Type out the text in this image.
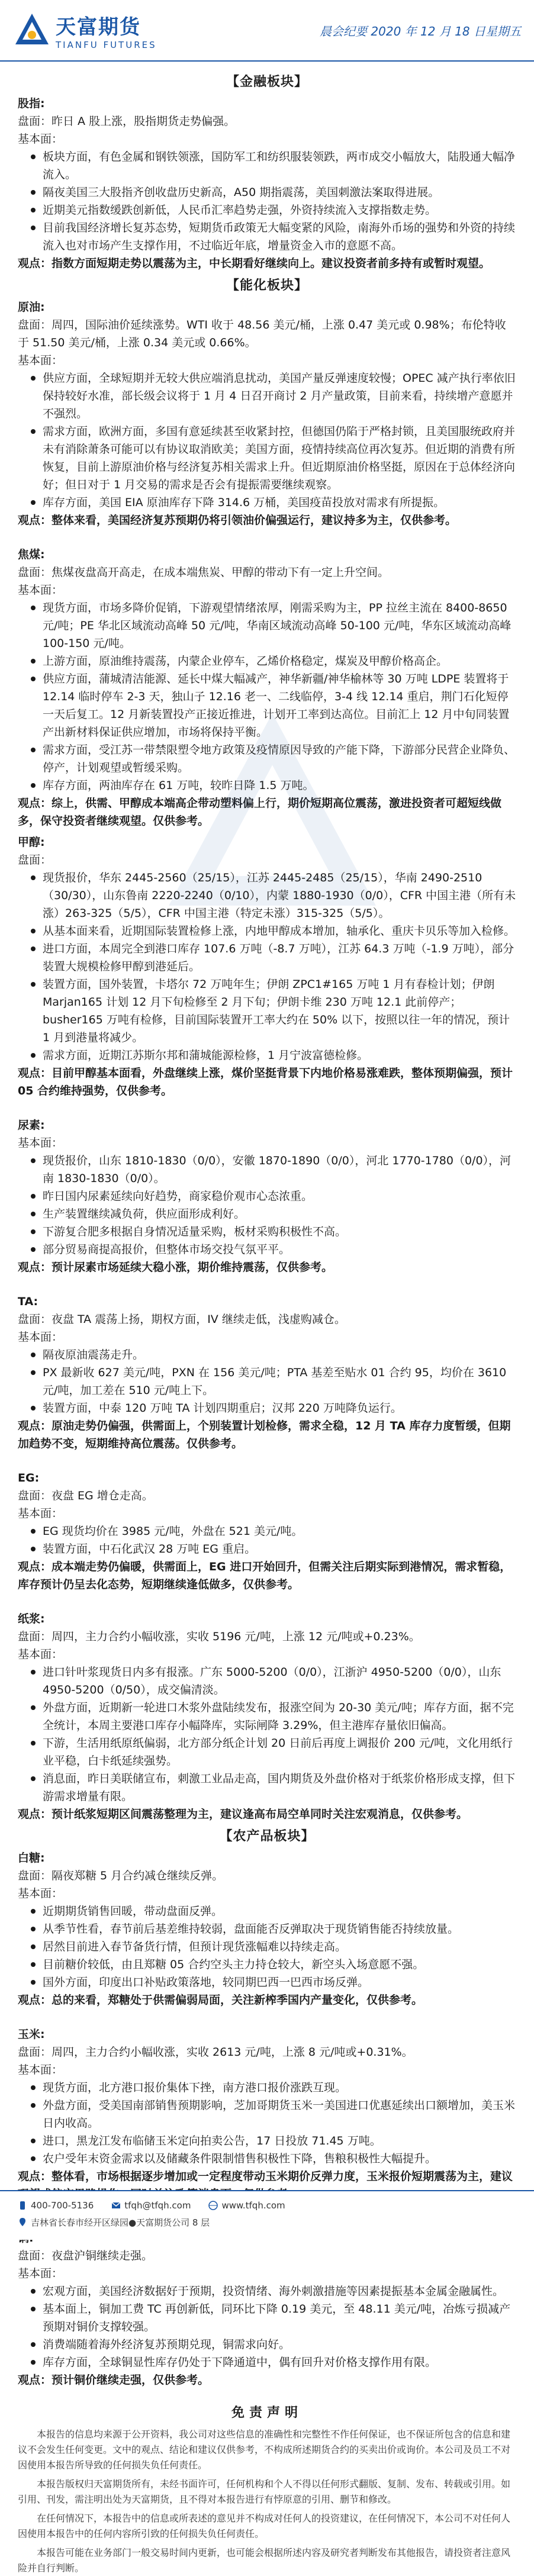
天富期货
TIANFU FUTURES
晨会纪要 2020 年 12 月 18 日星期五
【金融板块】
股指:

盘面：昨日 A 股上涨，股指期货走势偏强。

基本面：

板块方面，有色金属和钢铁领涨，国防军工和纺织服装领跌，两市成交小幅放大，陆股通大幅净流入。
隔夜美国三大股指齐创收盘历史新高，A50 期指震荡，美国刺激法案取得进展。
近期美元指数缓跌创新低，人民币汇率趋势走强，外资持续流入支撑指数走势。
目前我国经济增长复苏态势，短期货币政策无大幅变紧的风险，南海外币场的强势和外资的持续流入也对市场产生支撑作用，不过临近年底，增量资金入市的意愿不高。

观点：指数方面短期走势以震荡为主，中长期看好继续向上。建议投资者前多持有或暂时观望。

【能化板块】
原油:

盘面：周四，国际油价延续涨势。WTI 收于 48.56 美元/桶，上涨 0.47 美元或 0.98%；布伦特收于 51.50 美元/桶，上涨 0.34 美元或 0.66%。

基本面：

供应方面，全球短期并无较大供应端消息扰动，美国产量反弹速度较慢；OPEC 减产执行率依旧保持较好水准，部长级会议将于 1 月 4 日召开商讨 2 月产量政策，目前来看，持续增产意愿并不强烈。
需求方面，欧洲方面，多国有意延续甚至收紧封控，但德国仍陷于严格封锁，且美国服统政府并未有消除萧条可能可以有协议取消欧美；美国方面，疫情持续高位再次复苏。但近期的消费有所恢复，目前上游原油价格与经济复苏相关需求上升。但近期原油价格坚挺，原因在于总体经济向好；但日对于 1 月交易的需求是否会有提振需要继续观察。
库存方面，美国 EIA 原油库存下降 314.6 万桶，美国疫苗投放对需求有所提振。

观点：整体来看，美国经济复苏预期仍将引领油价偏强运行，建议持多为主，仅供参考。

焦煤:

盘面：焦煤夜盘高开高走，在成本端焦炭、甲醇的带动下有一定上升空间。

基本面：

现货方面，市场多降价促销，下游观望情绪浓厚，刚需采购为主，PP 拉丝主流在 8400-8650 元/吨；PE 华北区域流动高峰 50 元/吨，华南区域流动高峰 50-100 元/吨，华东区域流动高峰 100-150 元/吨。
上游方面，原油维持震荡，内蒙企业停车，乙烯价格稳定，煤炭及甲醇价格高企。
供应方面，蒲城清洁能源、延长中煤大幅减产，神华新疆/神华榆林等 30 万吨 LDPE 装置将于 12.14 临时停车 2-3 天，独山子 12.16 老一、二线临停，3-4 线 12.14 重启，荆门石化短停一天后复工。12 月新装置投产正接近推进，计划开工率到达高位。目前汇上 12 月中旬同装置产出新材料保证供应增加，市场将保持平衡。
需求方面，受江苏一带禁限塑令地方政策及疫情原因导致的产能下降，下游部分民营企业降负、停产，计划观望或暂缓采购。
库存方面，两油库存在 61 万吨，较昨日降 1.5 万吨。

观点：综上，供需、甲醇成本端高企带动塑料偏上行，期价短期高位震荡，激进投资者可超短线做多，保守投资者继续观望。仅供参考。

甲醇:

盘面：

现货报价，华东 2445-2560（25/15），江苏 2445-2485（25/15），华南 2490-2510（30/30），山东鲁南 2220-2240（0/10），内蒙 1880-1930（0/0），CFR 中国主港（所有未涨）263-325（5/5），CFR 中国主港（特定未涨）315-325（5/5）。
从基本面来看，近期国际装置检修上涨，内地甲醇成本增加，轴承化、重庆卡贝乐等加入检修。
进口方面，本周完全到港口库存 107.6 万吨（-8.7 万吨），江苏 64.3 万吨（-1.9 万吨），部分装置大规模检修甲醇到港延后。
装置方面，国外装置，卡塔尔 72 万吨年生；伊朗 ZPC1#165 万吨 1 月有春检计划；伊朗 Marjan165 计划 12 月下旬检修至 2 月下旬；伊朗卡维 230 万吨 12.1 此前停产；busher165 万吨有检修，目前国际装置开工率大约在 50% 以下，按照以往一年的情况，预计 1 月到港量将减少。
需求方面，近期江苏斯尔邦和蒲城能源检修，1 月宁波富德检修。

观点：目前甲醇基本面看，外盘继续上涨，煤价坚挺背景下内地价格易涨难跌，整体预期偏强，预计 05 合约维持强势，仅供参考。

尿素:

基本面：

现货报价，山东 1810-1830（0/0），安徽 1870-1890（0/0），河北 1770-1780（0/0），河南 1830-1830（0/0）。
昨日国内尿素延续向好趋势，商家稳价观市心态浓重。
生产装置继续减负荷，供应面形成利好。
下游复合肥多根据自身情况适量采购，板材采购积极性不高。
部分贸易商提高报价，但整体市场交投气氛平平。

观点：预计尿素市场延续大稳小涨，期价维持震荡，仅供参考。

TA:

盘面：夜盘 TA 震荡上扬，期权方面，IV 继续走低，浅虚购减仓。

基本面：

隔夜原油震荡走升。
PX 最新收 627 美元/吨，PXN 在 156 美元/吨；PTA 基差至贴水 01 合约 95，均价在 3610 元/吨，加工差在 510 元/吨上下。
装置方面，中泰 120 万吨 TA 计划四期重启；汉邦 220 万吨降负运行。

观点：原油走势仍偏强，供需面上，个别装置计划检修，需求全稳，12 月 TA 库存力度暂缓，但期加趋势不变，短期维持高位震荡。仅供参考。

EG:

盘面：夜盘 EG 增仓走高。

基本面：

EG 现货均价在 3985 元/吨，外盘在 521 美元/吨。
装置方面，中石化武汉 28 万吨 EG 重启。

观点：成本端走势仍偏暖，供需面上，EG 进口开始回升，但需关注后期实际到港情况，需求暂稳，库存预计仍呈去化态势，短期继续逢低做多，仅供参考。

纸浆:

盘面：周四，主力合约小幅收涨，实收 5196 元/吨，上涨 12 元/吨或+0.23%。

基本面：

进口针叶浆现货日内多有报涨。广东 5000-5200（0/0），江浙沪 4950-5200（0/0），山东 4950-5200（0/50），成交偏清淡。
外盘方面，近期新一轮进口木浆外盘陆续发布，报涨空间为 20-30 美元/吨；库存方面，据不完全统计，本周主要港口库存小幅降库，实际闸降 3.29%，但主港库存量依旧偏高。
下游，生活用纸原纸偏弱，北方部分纸企计划 20 日前后再度上调报价 200 元/吨，文化用纸行业平稳，白卡纸延续强势。
消息面，昨日美联储宣布，刺激工业品走高，国内期货及外盘价格对于纸浆价格形成支撑，但下游需求增量有限。

观点：预计纸浆短期区间震荡整理为主，建议逢高布局空单同时关注宏观消息，仅供参考。

【农产品板块】
白糖:

盘面：隔夜郑糖 5 月合约减仓继续反弹。

基本面：

近期期货销售回暖，带动盘面反弹。
从季节性看，春节前后基差维持较弱，盘面能否反弹取决于现货销售能否持续放量。
居然目前进入春节备货行情，但预计现货涨幅难以持续走高。
目前糖价较低，由且郑糖 05 合约空头主力持仓较大，新空头入场意愿不强。
国外方面，印度出口补贴政策落地，较同期巴西一巴西市场反弹。

观点：总的来看，郑糖处于供需偏弱局面，关注新榨季国内产量变化，仅供参考。

玉米:

盘面：周四，主力合约小幅收涨，实收 2613 元/吨，上涨 8 元/吨或+0.31%。

基本面：

现货方面，北方港口报价集体下挫，南方港口报价涨跌互现。
外盘方面，受美国南部销售预期影响，芝加哥期货玉米一美国进口优惠延续出口额增加，美玉米日内收高。
进口，黑龙江发布临储玉米定向拍卖公告，17 日投放 71.45 万吨。
农户受年末资金需求以及储藏条件限制惜售积极性下降，售粮积极性大幅提升。

观点：整体看，市场根据逐步增加或一定程度带动玉米期价反弹力度，玉米报价短期震荡为主，建议

盘面：夜盘沪铜继续走强。

基本面：

宏观方面，美国经济数据好于预期，投资情绪、海外刺激措施等因素提振基本金属金融属性。
基本面上，铜加工费 TC 再创新低，同环比下降 0.19 美元，至 48.11 美元/吨，冶炼亏损减产预期对铜价支撑较强。
消费端随着海外经济复苏预期兑现，铜需求向好。
库存方面，全球铜显性库存仍处于下降通道中，偶有回升对价格支撑作用有限。

观点：预计铜价继续走强，仅供参考。

免责声明

本报告的信息均来源于公开资料，我公司对这些信息的准确性和完整性不作任何保证，也不保证所包含的信息和建议不会发生任何变更。文中的观点、结论和建议仅供参考，不构成所述期货合约的买卖出价或询价。本公司及员工不对因使用本报告所导致的任何损失负任何责任。

本报告版权归天富期货所有，未经书面许可，任何机构和个人不得以任何形式翻版、复制、发布、转载或引用。如引用、刊发，需注明出处为天富期货，且不得对本报告进行有悖原意的引用、删节和修改。

在任何情况下，本报告中的信息或所表述的意见并不构成对任何人的投资建议，在任何情况下，本公司不对任何人因使用本报告中的任何内容所引致的任何损失负任何责任。

本报告可能在业务部门一般交易时间内更新，也可能会根据所述内容及研究者判断发布其他报告，请投资者注意风险并自行判断。

400-700-5136	tfqh@tfqh.com	www.tfqh.com
吉林省长春市经开区绿园●天富期货公司 8 层
